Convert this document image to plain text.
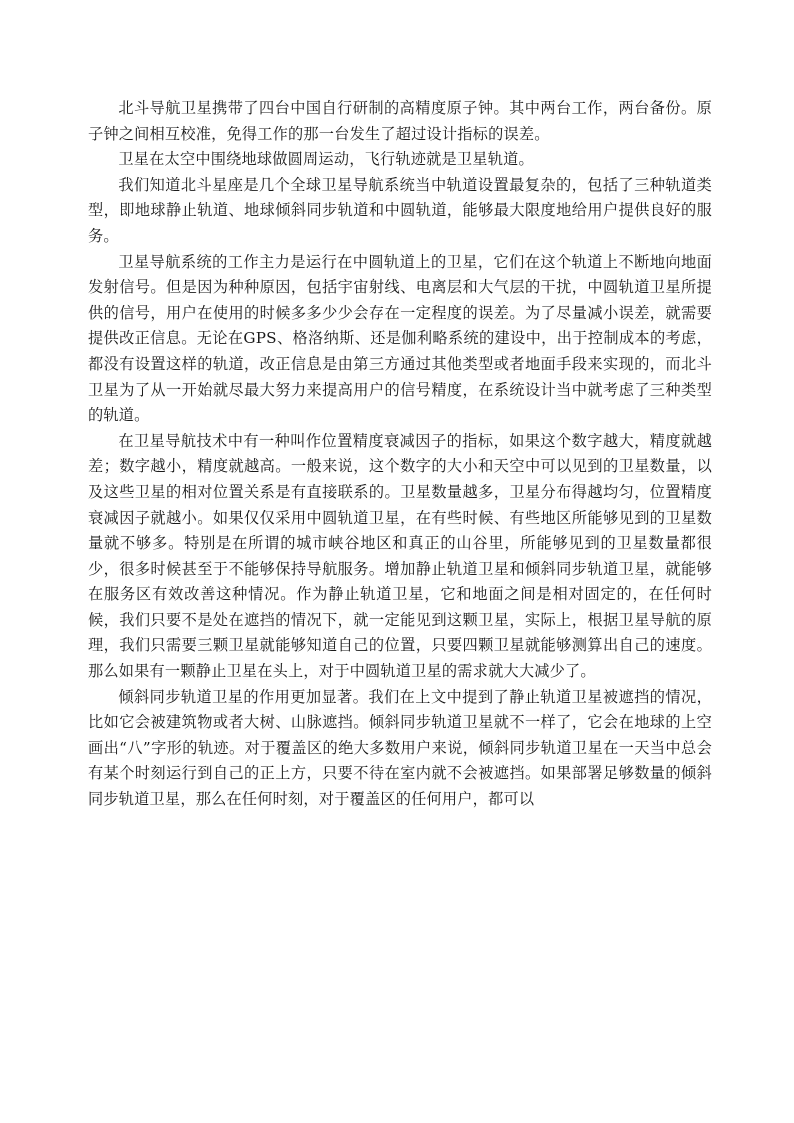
北斗导航卫星携带了四台中国自行研制的高精度原子钟。其中两台工作，两台备份。原子钟之间相互校准，免得工作的那一台发生了超过设计指标的误差。

卫星在太空中围绕地球做圆周运动，飞行轨迹就是卫星轨道。

我们知道北斗星座是几个全球卫星导航系统当中轨道设置最复杂的，包括了三种轨道类型，即地球静止轨道、地球倾斜同步轨道和中圆轨道，能够最大限度地给用户提供良好的服务。

卫星导航系统的工作主力是运行在中圆轨道上的卫星，它们在这个轨道上不断地向地面发射信号。但是因为种种原因，包括宇宙射线、电离层和大气层的干扰，中圆轨道卫星所提供的信号，用户在使用的时候多多少少会存在一定程度的误差。为了尽量减小误差，就需要提供改正信息。无论在GPS、格洛纳斯、还是伽利略系统的建设中，出于控制成本的考虑，都没有设置这样的轨道，改正信息是由第三方通过其他类型或者地面手段来实现的，而北斗卫星为了从一开始就尽最大努力来提高用户的信号精度，在系统设计当中就考虑了三种类型的轨道。

在卫星导航技术中有一种叫作位置精度衰减因子的指标，如果这个数字越大，精度就越差；数字越小，精度就越高。一般来说，这个数字的大小和天空中可以见到的卫星数量，以及这些卫星的相对位置关系是有直接联系的。卫星数量越多，卫星分布得越均匀，位置精度衰减因子就越小。如果仅仅采用中圆轨道卫星，在有些时候、有些地区所能够见到的卫星数量就不够多。特别是在所谓的城市峡谷地区和真正的山谷里，所能够见到的卫星数量都很少，很多时候甚至于不能够保持导航服务。增加静止轨道卫星和倾斜同步轨道卫星，就能够在服务区有效改善这种情况。作为静止轨道卫星，它和地面之间是相对固定的，在任何时候，我们只要不是处在遮挡的情况下，就一定能见到这颗卫星，实际上，根据卫星导航的原理，我们只需要三颗卫星就能够知道自己的位置，只要四颗卫星就能够测算出自己的速度。那么如果有一颗静止卫星在头上，对于中圆轨道卫星的需求就大大减少了。

倾斜同步轨道卫星的作用更加显著。我们在上文中提到了静止轨道卫星被遮挡的情况，比如它会被建筑物或者大树、山脉遮挡。倾斜同步轨道卫星就不一样了，它会在地球的上空画出“八”字形的轨迹。对于覆盖区的绝大多数用户来说，倾斜同步轨道卫星在一天当中总会有某个时刻运行到自己的正上方，只要不待在室内就不会被遮挡。如果部署足够数量的倾斜同步轨道卫星，那么在任何时刻，对于覆盖区的任何用户，都可以
